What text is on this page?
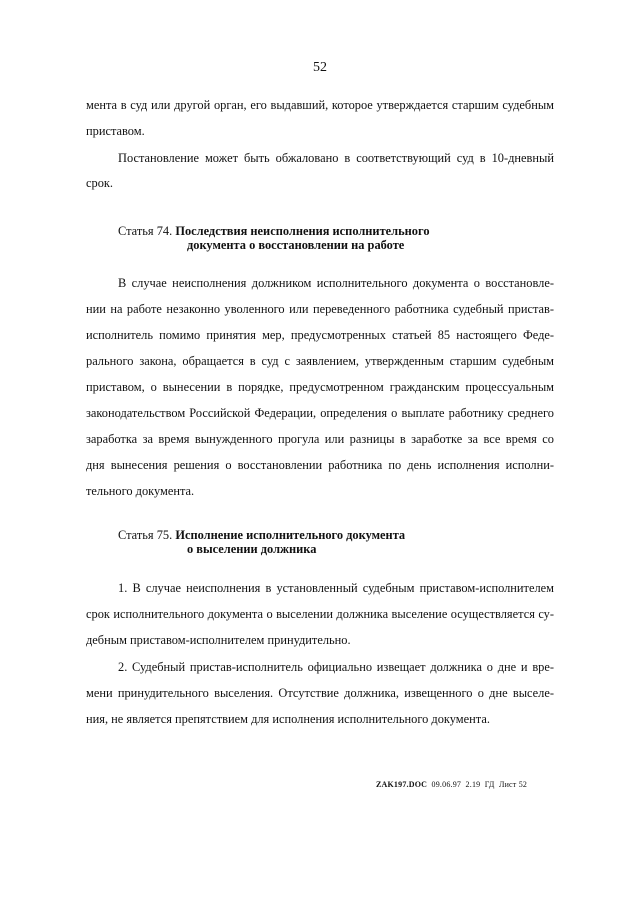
52
мента в суд или другой орган, его выдавший, которое утверждается старшим судебным
приставом.
Постановление может быть обжаловано в соответствующий суд в 10-дневный
срок.
Статья 74. Последствия неисполнения исполнительного
документа о восстановлении на работе
В случае неисполнения должником исполнительного документа о восстановле-
нии на работе незаконно уволенного или переведенного работника судебный пристав-
исполнитель помимо принятия мер, предусмотренных статьей 85 настоящего Феде-
рального закона, обращается в суд с заявлением, утвержденным старшим судебным
приставом, о вынесении в порядке, предусмотренном гражданским процессуальным
законодательством Российской Федерации, определения о выплате работнику среднего
заработка за время вынужденного прогула или разницы в заработке за все время со
дня вынесения решения о восстановлении работника по день исполнения исполни-
тельного документа.
Статья 75. Исполнение исполнительного документа
о выселении должника
1. В случае неисполнения в установленный судебным приставом-исполнителем
срок исполнительного документа о выселении должника выселение осуществляется су-
дебным приставом-исполнителем принудительно.
2. Судебный пристав-исполнитель официально извещает должника о дне и вре-
мени принудительного выселения. Отсутствие должника, извещенного о дне выселе-
ния, не является препятствием для исполнения исполнительного документа.
ZAK197.DOC 09.06.97 2.19 ГД Лист 52
